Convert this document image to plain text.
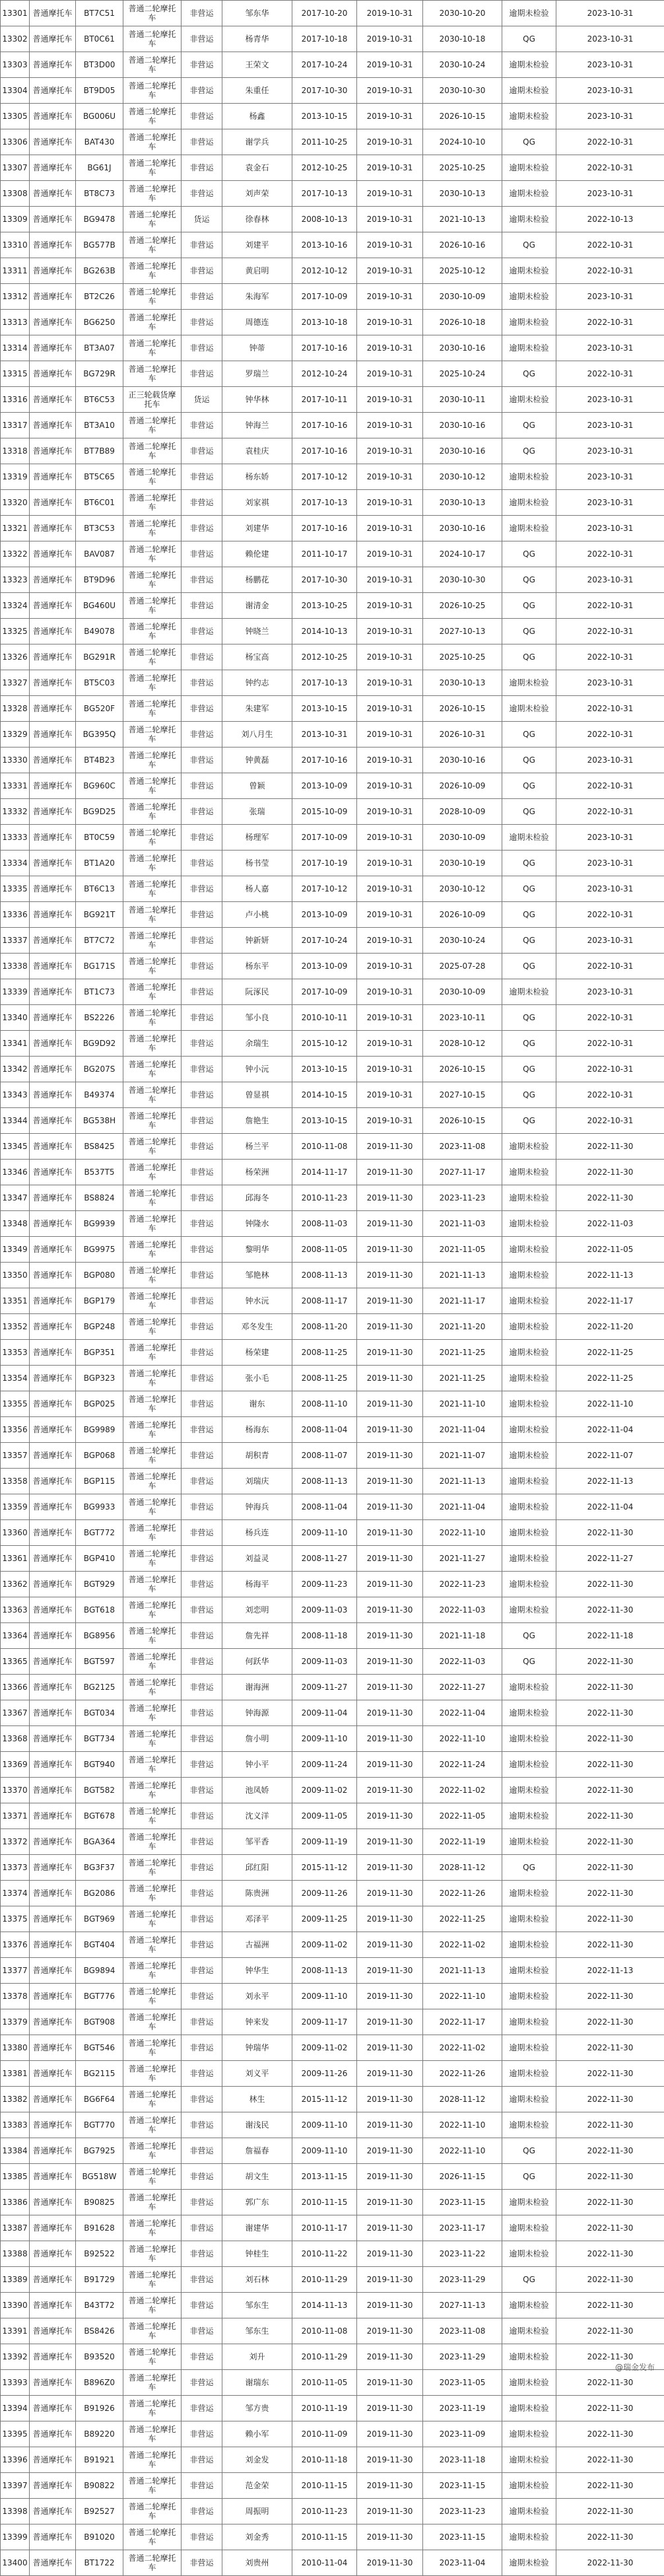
13301	普通摩托车	BT7C51	普通二轮摩托车	非营运	邹东华	2017-10-20	2019-10-31	2030-10-20	逾期未检验	2023-10-31
13302	普通摩托车	BT0C61	普通二轮摩托车	非营运	杨青华	2017-10-18	2019-10-31	2030-10-18	QG	2023-10-31
13303	普通摩托车	BT3D00	普通二轮摩托车	非营运	王荣文	2017-10-24	2019-10-31	2030-10-24	逾期未检验	2023-10-31
13304	普通摩托车	BT9D05	普通二轮摩托车	非营运	朱重任	2017-10-30	2019-10-31	2030-10-30	逾期未检验	2023-10-31
13305	普通摩托车	BG006U	普通二轮摩托车	非营运	杨鑫	2013-10-15	2019-10-31	2026-10-15	逾期未检验	2023-10-31
13306	普通摩托车	BAT430	普通二轮摩托车	非营运	谢学兵	2011-10-25	2019-10-31	2024-10-10	QG	2022-10-31
13307	普通摩托车	BG61J	普通二轮摩托车	非营运	袁金石	2012-10-25	2019-10-31	2025-10-25	逾期未检验	2022-10-31
13308	普通摩托车	BT8C73	普通二轮摩托车	非营运	刘声荣	2017-10-13	2019-10-31	2030-10-13	逾期未检验	2023-10-31
13309	普通摩托车	BG9478	普通二轮摩托车	货运	徐春林	2008-10-13	2019-10-31	2021-10-13	逾期未检验	2022-10-13
13310	普通摩托车	BG577B	普通二轮摩托车	非营运	刘建平	2013-10-16	2019-10-31	2026-10-16	QG	2022-10-31
13311	普通摩托车	BG263B	普通二轮摩托车	非营运	黄启明	2012-10-12	2019-10-31	2025-10-12	逾期未检验	2022-10-31
13312	普通摩托车	BT2C26	普通二轮摩托车	非营运	朱海军	2017-10-09	2019-10-31	2030-10-09	逾期未检验	2023-10-31
13313	普通摩托车	BG6250	普通二轮摩托车	非营运	周德连	2013-10-18	2019-10-31	2026-10-18	逾期未检验	2022-10-31
13314	普通摩托车	BT3A07	普通二轮摩托车	非营运	钟蒂	2017-10-16	2019-10-31	2030-10-16	逾期未检验	2023-10-31
13315	普通摩托车	BG729R	普通二轮摩托车	非营运	罗瑞兰	2012-10-24	2019-10-31	2025-10-24	QG	2022-10-31
13316	普通摩托车	BT6C53	正三轮载货摩托车	货运	钟华林	2017-10-11	2019-10-31	2030-10-11	逾期未检验	2023-10-31
13317	普通摩托车	BT3A10	普通二轮摩托车	非营运	钟海兰	2017-10-16	2019-10-31	2030-10-16	QG	2023-10-31
13318	普通摩托车	BT7B89	普通二轮摩托车	非营运	袁桂庆	2017-10-16	2019-10-31	2030-10-16	QG	2023-10-31
13319	普通摩托车	BT5C65	普通二轮摩托车	非营运	杨东娇	2017-10-12	2019-10-31	2030-10-12	逾期未检验	2023-10-31
13320	普通摩托车	BT6C01	普通二轮摩托车	非营运	刘家祺	2017-10-13	2019-10-31	2030-10-13	逾期未检验	2023-10-31
13321	普通摩托车	BT3C53	普通二轮摩托车	非营运	刘建华	2017-10-16	2019-10-31	2030-10-16	逾期未检验	2023-10-31
13322	普通摩托车	BAV087	普通二轮摩托车	非营运	赖伦建	2011-10-17	2019-10-31	2024-10-17	QG	2022-10-31
13323	普通摩托车	BT9D96	普通二轮摩托车	非营运	杨鹏花	2017-10-30	2019-10-31	2030-10-30	QG	2023-10-31
13324	普通摩托车	BG460U	普通二轮摩托车	非营运	谢清金	2013-10-25	2019-10-31	2026-10-25	QG	2022-10-31
13325	普通摩托车	B49078	普通二轮摩托车	非营运	钟晓兰	2014-10-13	2019-10-31	2027-10-13	QG	2022-10-31
13326	普通摩托车	BG291R	普通二轮摩托车	非营运	杨宝高	2012-10-25	2019-10-31	2025-10-25	QG	2022-10-31
13327	普通摩托车	BT5C03	普通二轮摩托车	非营运	钟约志	2017-10-13	2019-10-31	2030-10-13	逾期未检验	2023-10-31
13328	普通摩托车	BG520F	普通二轮摩托车	非营运	朱建军	2013-10-15	2019-10-31	2026-10-15	逾期未检验	2022-10-31
13329	普通摩托车	BG395Q	普通二轮摩托车	非营运	刘八月生	2013-10-31	2019-10-31	2026-10-31	QG	2022-10-31
13330	普通摩托车	BT4B23	普通二轮摩托车	非营运	钟黄磊	2017-10-16	2019-10-31	2030-10-16	QG	2023-10-31
13331	普通摩托车	BG960C	普通二轮摩托车	非营运	曾颖	2013-10-09	2019-10-31	2026-10-09	QG	2022-10-31
13332	普通摩托车	BG9D25	普通二轮摩托车	非营运	张瑞	2015-10-09	2019-10-31	2028-10-09	QG	2022-10-31
13333	普通摩托车	BT0C59	普通二轮摩托车	非营运	杨理军	2017-10-09	2019-10-31	2030-10-09	逾期未检验	2023-10-31
13334	普通摩托车	BT1A20	普通二轮摩托车	非营运	杨书莹	2017-10-19	2019-10-31	2030-10-19	QG	2023-10-31
13335	普通摩托车	BT6C13	普通二轮摩托车	非营运	杨人嘉	2017-10-12	2019-10-31	2030-10-12	QG	2023-10-31
13336	普通摩托车	BG921T	普通二轮摩托车	非营运	卢小桃	2013-10-09	2019-10-31	2026-10-09	QG	2022-10-31
13337	普通摩托车	BT7C72	普通二轮摩托车	非营运	钟新妍	2017-10-24	2019-10-31	2030-10-24	QG	2023-10-31
13338	普通摩托车	BG171S	普通二轮摩托车	非营运	杨东平	2013-10-09	2019-10-31	2025-07-28	QG	2022-10-31
13339	普通摩托车	BT1C73	普通二轮摩托车	非营运	阮涿民	2017-10-09	2019-10-31	2030-10-09	逾期未检验	2023-10-31
13340	普通摩托车	BS2226	普通二轮摩托车	非营运	邹小良	2010-10-11	2019-10-31	2023-10-11	QG	2022-10-31
13341	普通摩托车	BG9D92	普通二轮摩托车	非营运	余瑞生	2015-10-12	2019-10-31	2028-10-12	QG	2022-10-31
13342	普通摩托车	BG207S	普通二轮摩托车	非营运	钟小沅	2013-10-15	2019-10-31	2026-10-15	QG	2022-10-31
13343	普通摩托车	B49374	普通二轮摩托车	非营运	曾显祺	2014-10-15	2019-10-31	2027-10-15	QG	2022-10-31
13344	普通摩托车	BG538H	普通二轮摩托车	非营运	詹艳生	2013-10-15	2019-10-31	2026-10-15	QG	2022-10-31
13345	普通摩托车	BS8425	普通二轮摩托车	非营运	杨兰平	2010-11-08	2019-11-30	2023-11-08	逾期未检验	2022-11-30
13346	普通摩托车	B537T5	普通二轮摩托车	非营运	杨荣洲	2014-11-17	2019-11-30	2027-11-17	逾期未检验	2022-11-30
13347	普通摩托车	BS8824	普通二轮摩托车	非营运	邱海冬	2010-11-23	2019-11-30	2023-11-23	逾期未检验	2022-11-30
13348	普通摩托车	BG9939	普通二轮摩托车	非营运	钟隆水	2008-11-03	2019-11-30	2021-11-03	逾期未检验	2022-11-03
13349	普通摩托车	BG9975	普通二轮摩托车	非营运	黎明华	2008-11-05	2019-11-30	2021-11-05	逾期未检验	2022-11-05
13350	普通摩托车	BGP080	普通二轮摩托车	非营运	邹艳林	2008-11-13	2019-11-30	2021-11-13	逾期未检验	2022-11-13
13351	普通摩托车	BGP179	普通二轮摩托车	非营运	钟水沅	2008-11-17	2019-11-30	2021-11-17	逾期未检验	2022-11-17
13352	普通摩托车	BGP248	普通二轮摩托车	非营运	邓冬发生	2008-11-20	2019-11-30	2021-11-20	逾期未检验	2022-11-20
13353	普通摩托车	BGP351	普通二轮摩托车	非营运	杨荣建	2008-11-25	2019-11-30	2021-11-25	逾期未检验	2022-11-25
13354	普通摩托车	BGP323	普通二轮摩托车	非营运	张小毛	2008-11-25	2019-11-30	2021-11-25	逾期未检验	2022-11-25
13355	普通摩托车	BGP025	普通二轮摩托车	非营运	谢东	2008-11-10	2019-11-30	2021-11-10	逾期未检验	2022-11-10
13356	普通摩托车	BG9989	普通二轮摩托车	非营运	杨海东	2008-11-04	2019-11-30	2021-11-04	逾期未检验	2022-11-04
13357	普通摩托车	BGP068	普通二轮摩托车	非营运	胡积青	2008-11-07	2019-11-30	2021-11-07	逾期未检验	2022-11-07
13358	普通摩托车	BGP115	普通二轮摩托车	非营运	刘瑞庆	2008-11-13	2019-11-30	2021-11-13	逾期未检验	2022-11-13
13359	普通摩托车	BG9933	普通二轮摩托车	非营运	钟海兵	2008-11-04	2019-11-30	2021-11-04	逾期未检验	2022-11-04
13360	普通摩托车	BGT772	普通二轮摩托车	非营运	杨兵连	2009-11-10	2019-11-30	2022-11-10	逾期未检验	2022-11-30
13361	普通摩托车	BGP410	普通二轮摩托车	非营运	刘益灵	2008-11-27	2019-11-30	2021-11-27	逾期未检验	2022-11-27
13362	普通摩托车	BGT929	普通二轮摩托车	非营运	杨海平	2009-11-23	2019-11-30	2022-11-23	逾期未检验	2022-11-30
13363	普通摩托车	BGT618	普通二轮摩托车	非营运	刘恋明	2009-11-03	2019-11-30	2022-11-03	逾期未检验	2022-11-30
13364	普通摩托车	BG8956	普通二轮摩托车	非营运	詹先祥	2008-11-18	2019-11-30	2021-11-18	QG	2022-11-18
13365	普通摩托车	BGT597	普通二轮摩托车	非营运	何跃华	2009-11-03	2019-11-30	2022-11-03	QG	2022-11-30
13366	普通摩托车	BG2125	普通二轮摩托车	非营运	谢海洲	2009-11-27	2019-11-30	2022-11-27	逾期未检验	2022-11-30
13367	普通摩托车	BGT034	普通二轮摩托车	非营运	钟海源	2009-11-04	2019-11-30	2022-11-04	逾期未检验	2022-11-30
13368	普通摩托车	BGT734	普通二轮摩托车	非营运	詹小明	2009-11-10	2019-11-30	2022-11-10	逾期未检验	2022-11-30
13369	普通摩托车	BGT940	普通二轮摩托车	非营运	钟小平	2009-11-24	2019-11-30	2022-11-24	逾期未检验	2022-11-30
13370	普通摩托车	BGT582	普通二轮摩托车	非营运	池凤娇	2009-11-02	2019-11-30	2022-11-02	逾期未检验	2022-11-30
13371	普通摩托车	BGT678	普通二轮摩托车	非营运	沈义洋	2009-11-05	2019-11-30	2022-11-05	逾期未检验	2022-11-30
13372	普通摩托车	BGA364	普通二轮摩托车	非营运	邹平香	2009-11-19	2019-11-30	2022-11-19	逾期未检验	2022-11-30
13373	普通摩托车	BG3F37	普通二轮摩托车	非营运	邱红阳	2015-11-12	2019-11-30	2028-11-12	QG	2022-11-30
13374	普通摩托车	BG2086	普通二轮摩托车	非营运	陈贵洲	2009-11-26	2019-11-30	2022-11-26	逾期未检验	2022-11-30
13375	普通摩托车	BGT969	普通二轮摩托车	非营运	邓泽平	2009-11-25	2019-11-30	2022-11-25	逾期未检验	2022-11-30
13376	普通摩托车	BGT404	普通二轮摩托车	非营运	古福洲	2009-11-02	2019-11-30	2022-11-02	逾期未检验	2022-11-30
13377	普通摩托车	BG9894	普通二轮摩托车	非营运	钟华生	2008-11-13	2019-11-30	2021-11-13	逾期未检验	2022-11-13
13378	普通摩托车	BGT776	普通二轮摩托车	非营运	刘永平	2009-11-10	2019-11-30	2022-11-10	逾期未检验	2022-11-30
13379	普通摩托车	BGT908	普通二轮摩托车	非营运	钟来发	2009-11-17	2019-11-30	2022-11-17	逾期未检验	2022-11-30
13380	普通摩托车	BGT546	普通二轮摩托车	非营运	钟瑞华	2009-11-02	2019-11-30	2022-11-02	逾期未检验	2022-11-30
13381	普通摩托车	BG2115	普通二轮摩托车	非营运	刘义平	2009-11-26	2019-11-30	2022-11-26	逾期未检验	2022-11-30
13382	普通摩托车	BG6F64	普通二轮摩托车	非营运	林生	2015-11-12	2019-11-30	2028-11-12	逾期未检验	2022-11-30
13383	普通摩托车	BGT770	普通二轮摩托车	非营运	谢浅民	2009-11-10	2019-11-30	2022-11-10	逾期未检验	2022-11-30
13384	普通摩托车	BG7925	普通二轮摩托车	非营运	詹福春	2009-11-10	2019-11-30	2022-11-10	QG	2022-11-30
13385	普通摩托车	BG518W	普通二轮摩托车	非营运	胡文生	2013-11-15	2019-11-30	2026-11-15	QG	2022-11-30
13386	普通摩托车	B90825	普通二轮摩托车	非营运	郭广东	2010-11-15	2019-11-30	2023-11-15	逾期未检验	2022-11-30
13387	普通摩托车	B91628	普通二轮摩托车	非营运	谢建华	2010-11-17	2019-11-30	2023-11-17	逾期未检验	2022-11-30
13388	普通摩托车	B92522	普通二轮摩托车	非营运	钟桂生	2010-11-22	2019-11-30	2023-11-22	逾期未检验	2022-11-30
13389	普通摩托车	B91729	普通二轮摩托车	非营运	刘石林	2010-11-29	2019-11-30	2023-11-29	QG	2022-11-30
13390	普通摩托车	B43T72	普通二轮摩托车	非营运	邹东生	2014-11-13	2019-11-30	2027-11-13	逾期未检验	2022-11-30
13391	普通摩托车	BS8426	普通二轮摩托车	非营运	邹东生	2010-11-08	2019-11-30	2023-11-08	逾期未检验	2022-11-30
13392	普通摩托车	B93520	普通二轮摩托车	非营运	刘升	2010-11-29	2019-11-30	2023-11-29	逾期未检验	2022-11-30
13393	普通摩托车	B896Z0	普通二轮摩托车	非营运	谢瑞东	2010-11-05	2019-11-30	2023-11-05	逾期未检验	2022-11-30
13394	普通摩托车	B91926	普通二轮摩托车	非营运	邹方贵	2010-11-19	2019-11-30	2023-11-19	逾期未检验	2022-11-30
13395	普通摩托车	B89220	普通二轮摩托车	非营运	赖小军	2010-11-09	2019-11-30	2023-11-09	逾期未检验	2022-11-30
13396	普通摩托车	B91921	普通二轮摩托车	非营运	刘金发	2010-11-18	2019-11-30	2023-11-18	逾期未检验	2022-11-30
13397	普通摩托车	B90822	普通二轮摩托车	非营运	范金荣	2010-11-15	2019-11-30	2023-11-15	逾期未检验	2022-11-30
13398	普通摩托车	B92527	普通二轮摩托车	非营运	周振明	2010-11-23	2019-11-30	2023-11-23	逾期未检验	2022-11-30
13399	普通摩托车	B91020	普通二轮摩托车	非营运	刘金秀	2010-11-15	2019-11-30	2023-11-15	逾期未检验	2022-11-30
13400	普通摩托车	BT1722	普通二轮摩托车	非营运	刘贵州	2010-11-04	2019-11-30	2023-11-04	逾期未检验	2022-11-30
@瑞金发布
